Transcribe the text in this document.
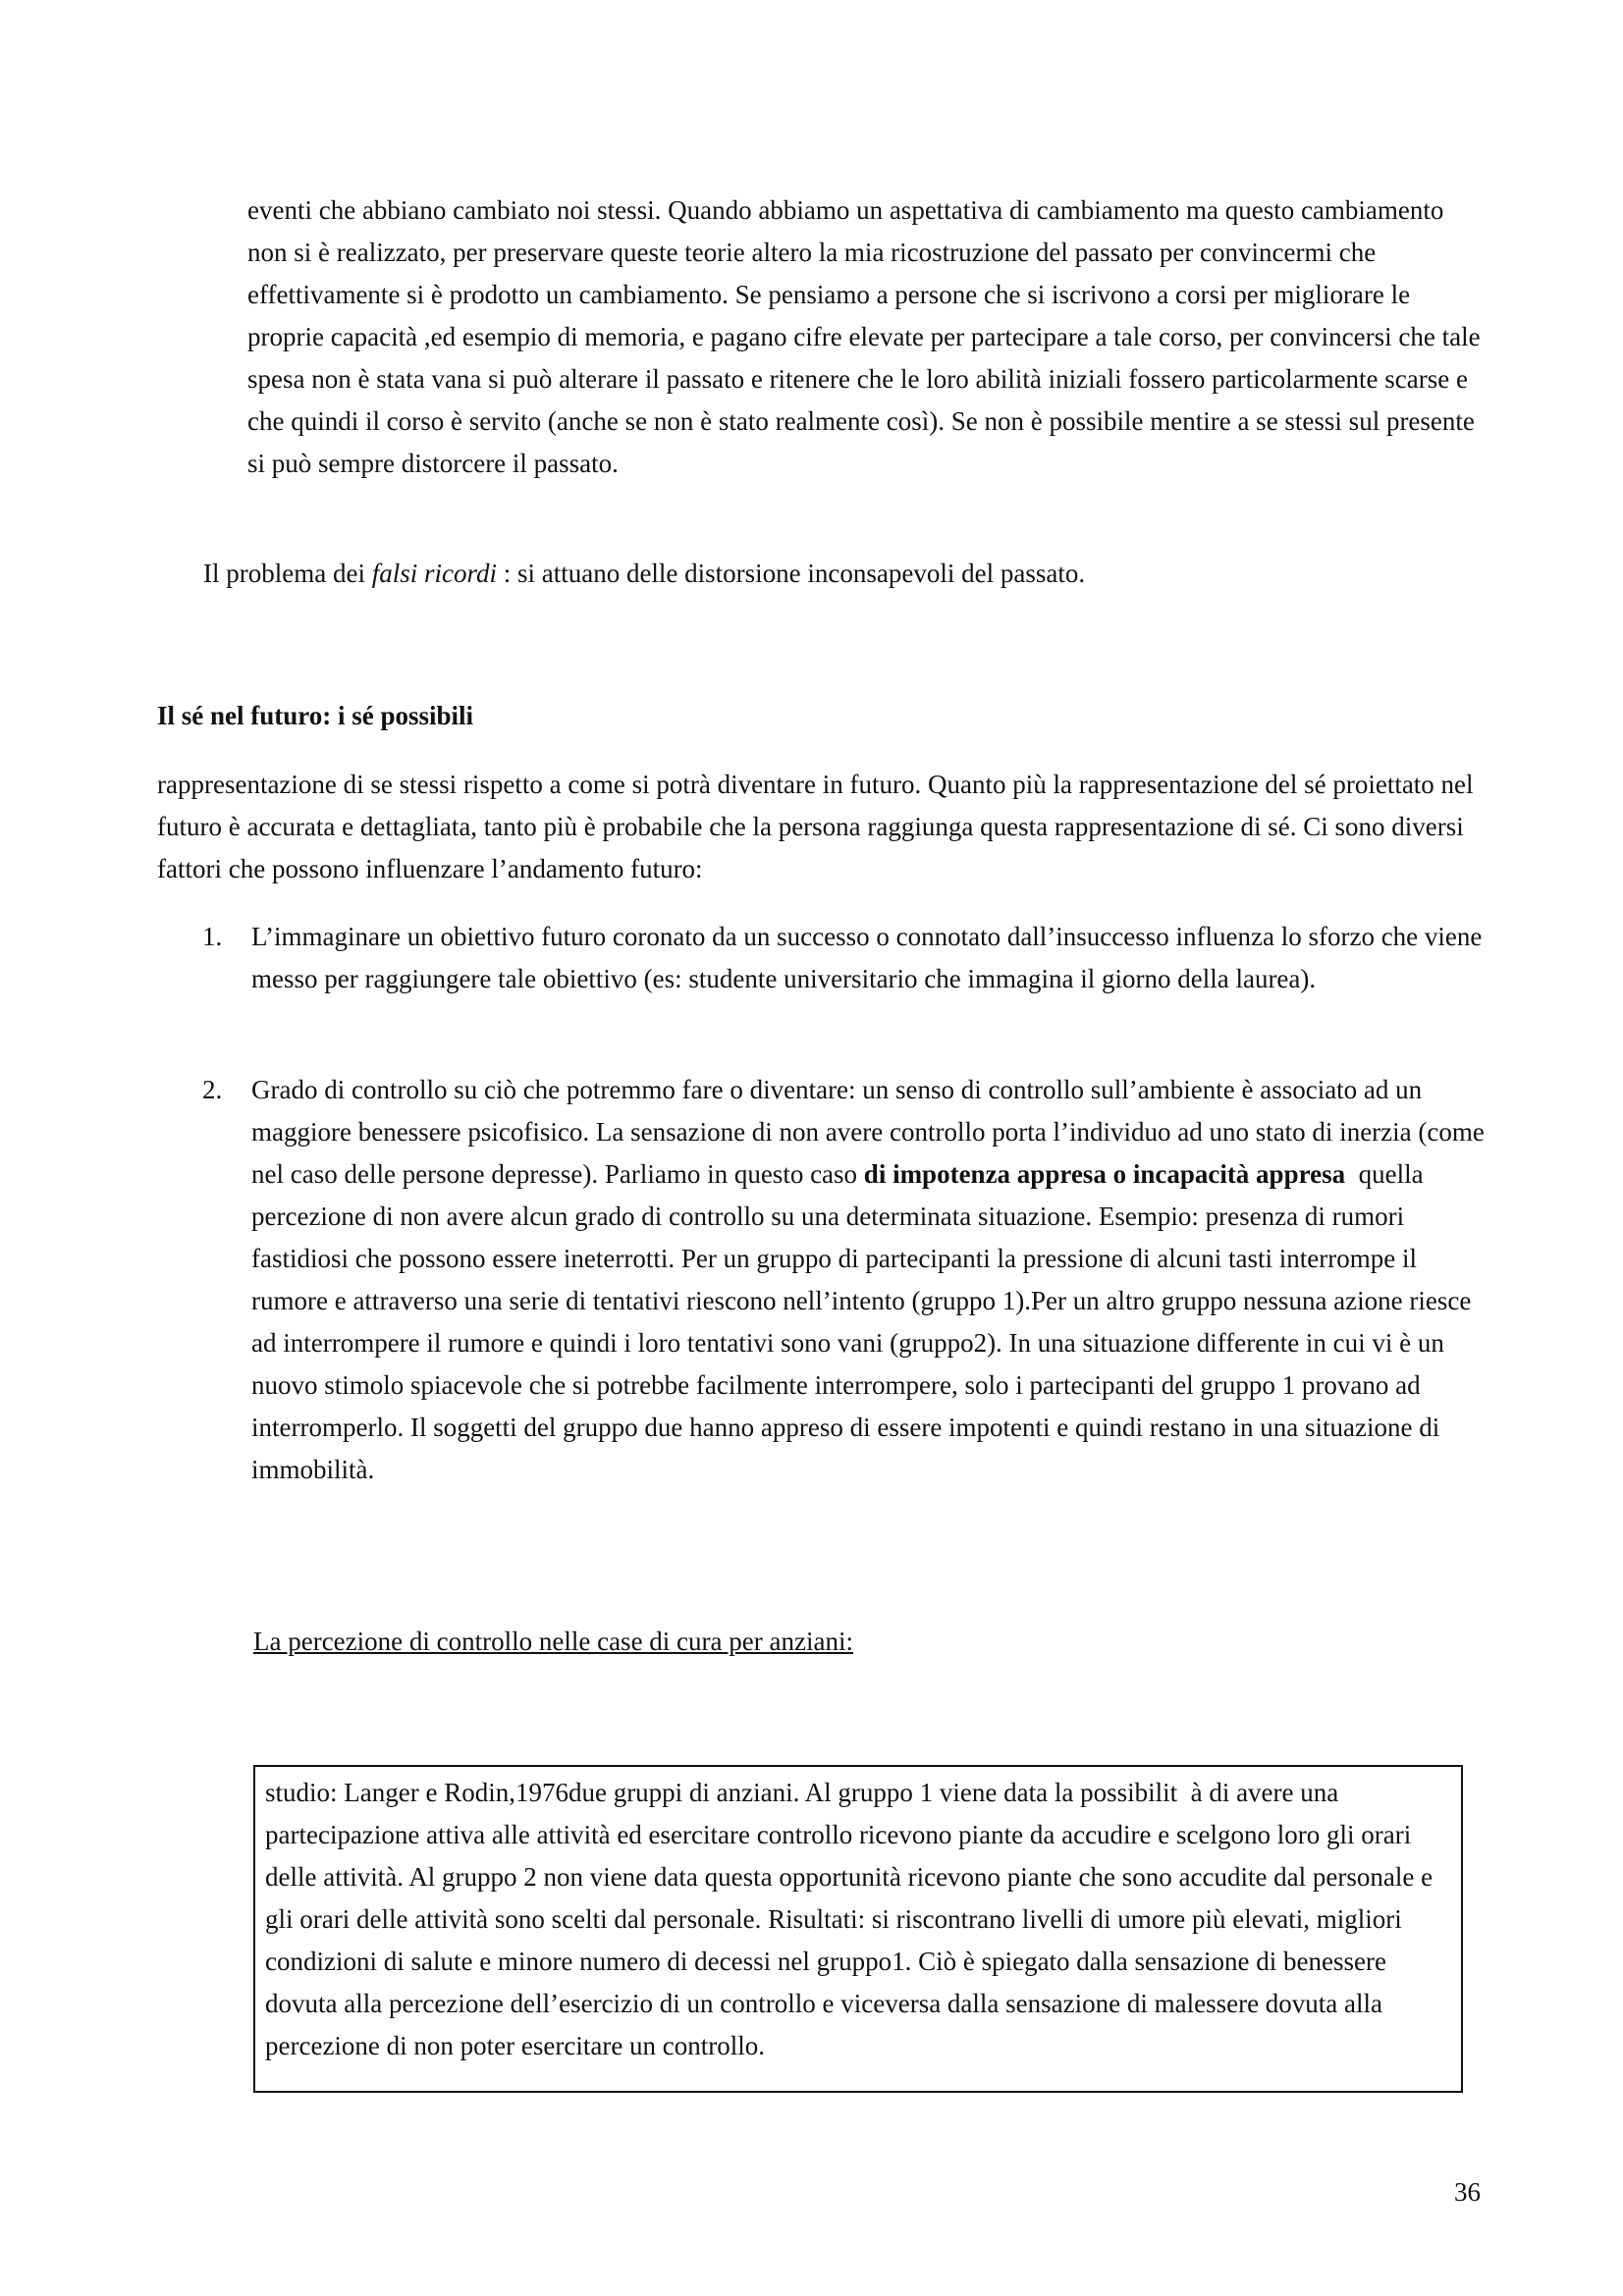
eventi che abbiano cambiato noi stessi. Quando abbiamo un aspettativa di cambiamento ma questo cambiamento non si è realizzato, per preservare queste teorie altero la mia ricostruzione del passato per convincermi che effettivamente si è prodotto un cambiamento. Se pensiamo a persone che si iscrivono a corsi per migliorare le proprie capacità ,ed esempio di memoria, e pagano cifre elevate per partecipare a tale corso, per convincersi che tale spesa non è stata vana si può alterare il passato e ritenere che le loro abilità iniziali fossero particolarmente scarse e che quindi il corso è servito (anche se non è stato realmente così). Se non è possibile mentire a se stessi sul presente si può sempre distorcere il passato.

Il problema dei falsi ricordi : si attuano delle distorsione inconsapevoli del passato.

Il sé nel futuro: i sé possibili

rappresentazione di se stessi rispetto a come si potrà diventare in futuro. Quanto più la rappresentazione del sé proiettato nel futuro è accurata e dettagliata, tanto più è probabile che la persona raggiunga questa rappresentazione di sé. Ci sono diversi fattori che possono influenzare l’andamento futuro:

1. L’immaginare un obiettivo futuro coronato da un successo o connotato dall’insuccesso influenza lo sforzo che viene messo per raggiungere tale obiettivo (es: studente universitario che immagina il giorno della laurea).
2. Grado di controllo su ciò che potremmo fare o diventare: un senso di controllo sull’ambiente è associato ad un maggiore benessere psicofisico. La sensazione di non avere controllo porta l’individuo ad uno stato di inerzia (come nel caso delle persone depresse). Parliamo in questo caso di impotenza appresa o incapacità appresa  quella percezione di non avere alcun grado di controllo su una determinata situazione. Esempio: presenza di rumori fastidiosi che possono essere ineterrotti. Per un gruppo di partecipanti la pressione di alcuni tasti interrompe il rumore e attraverso una serie di tentativi riescono nell’intento (gruppo 1).Per un altro gruppo nessuna azione riesce ad interrompere il rumore e quindi i loro tentativi sono vani (gruppo2). In una situazione differente in cui vi è un nuovo stimolo spiacevole che si potrebbe facilmente interrompere, solo i partecipanti del gruppo 1 provano ad interromperlo. Il soggetti del gruppo due hanno appreso di essere impotenti e quindi restano in una situazione di immobilità.

La percezione di controllo nelle case di cura per anziani:

studio: Langer e Rodin,1976due gruppi di anziani. Al gruppo 1 viene data la possibilit  à di avere una partecipazione attiva alle attività ed esercitare controllo ricevono piante da accudire e scelgono loro gli orari delle attività. Al gruppo 2 non viene data questa opportunità ricevono piante che sono accudite dal personale e gli orari delle attività sono scelti dal personale. Risultati: si riscontrano livelli di umore più elevati, migliori condizioni di salute e minore numero di decessi nel gruppo1. Ciò è spiegato dalla sensazione di benessere dovuta alla percezione dell’esercizio di un controllo e viceversa dalla sensazione di malessere dovuta alla percezione di non poter esercitare un controllo.
36
